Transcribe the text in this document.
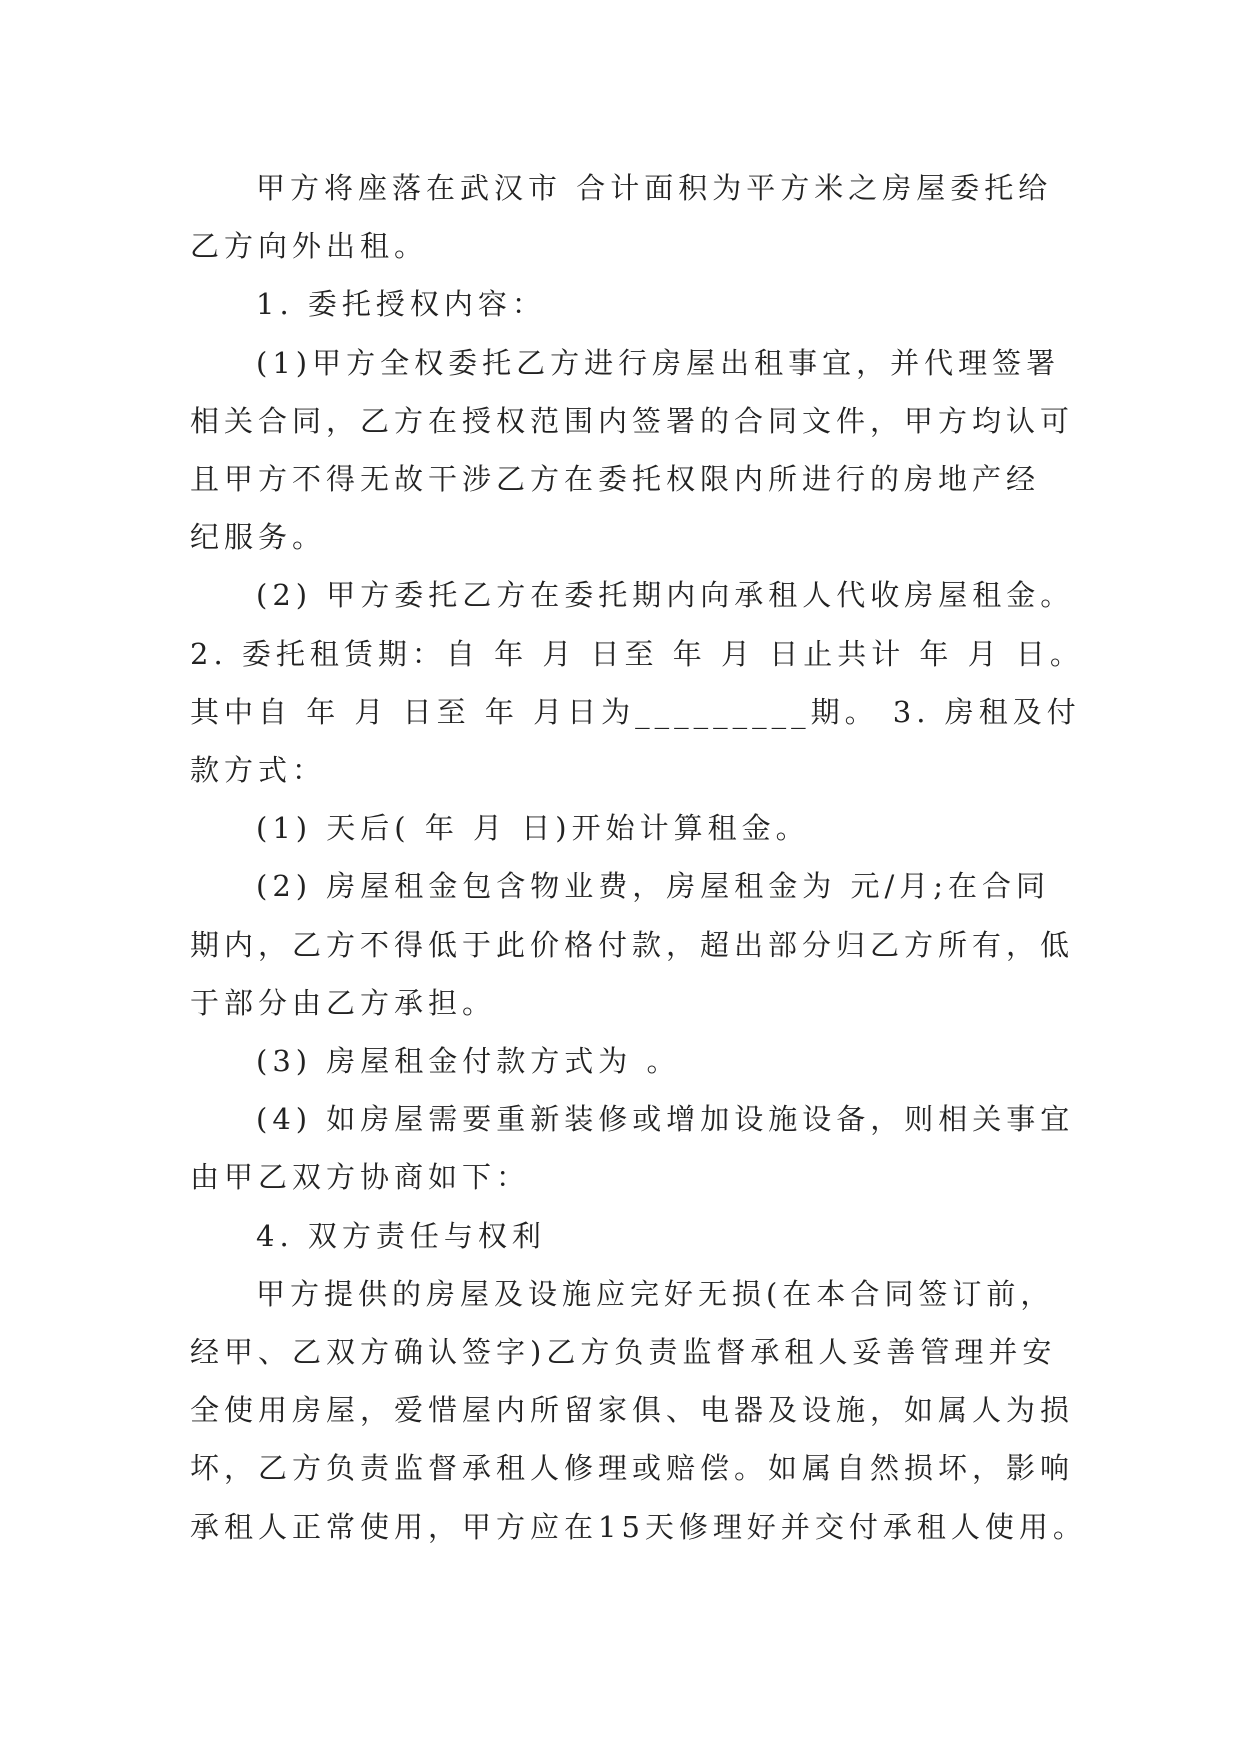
甲方将座落在武汉市 合计面积为平方米之房屋委托给

乙方向外出租。

1. 委托授权内容：

(1)甲方全权委托乙方进行房屋出租事宜，并代理签署

相关合同，乙方在授权范围内签署的合同文件，甲方均认可

且甲方不得无故干涉乙方在委托权限内所进行的房地产经

纪服务。

(2) 甲方委托乙方在委托期内向承租人代收房屋租金。

2. 委托租赁期：自 年 月 日至 年 月 日止共计 年 月 日。

其中自 年 月 日至 年 月日为_________期。 3. 房租及付

款方式：

(1) 天后( 年 月 日)开始计算租金。

(2) 房屋租金包含物业费，房屋租金为 元/月;在合同

期内，乙方不得低于此价格付款，超出部分归乙方所有，低

于部分由乙方承担。

(3) 房屋租金付款方式为 。

(4) 如房屋需要重新装修或增加设施设备，则相关事宜

由甲乙双方协商如下：

4. 双方责任与权利

甲方提供的房屋及设施应完好无损(在本合同签订前，

经甲、乙双方确认签字)乙方负责监督承租人妥善管理并安

全使用房屋，爱惜屋内所留家俱、电器及设施，如属人为损

坏，乙方负责监督承租人修理或赔偿。如属自然损坏，影响

承租人正常使用，甲方应在15天修理好并交付承租人使用。
